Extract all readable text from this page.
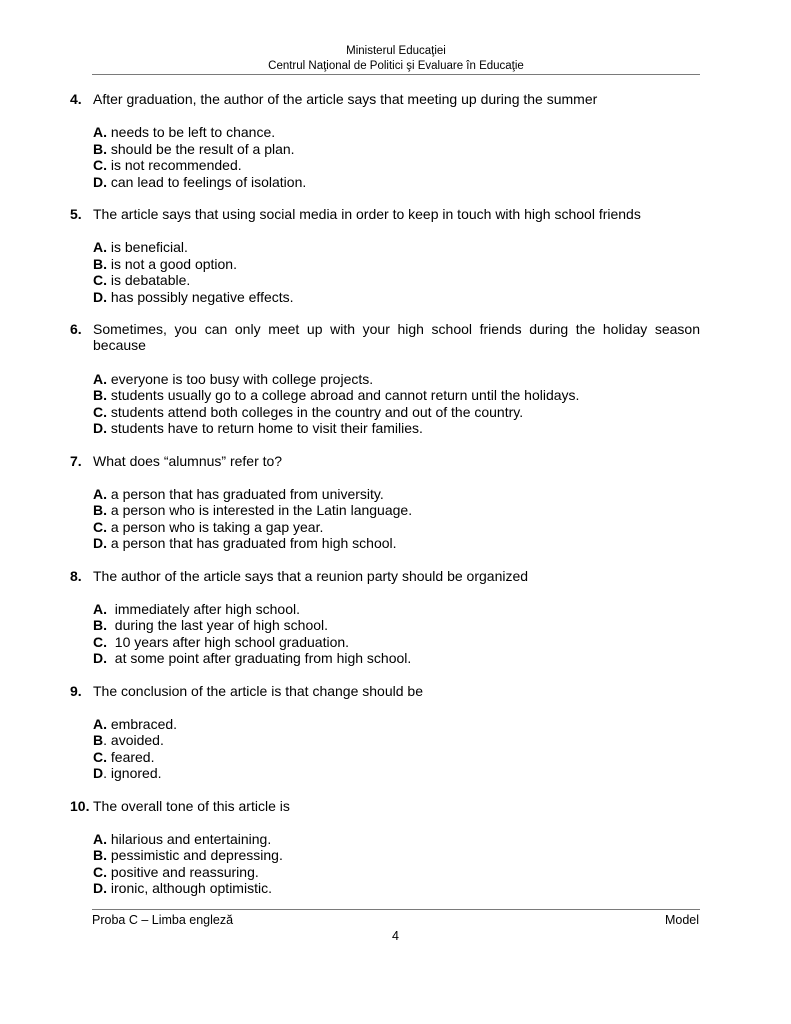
Ministerul Educaţiei
Centrul Naţional de Politici şi Evaluare în Educaţie
4. After graduation, the author of the article says that meeting up during the summer
A. needs to be left to chance.
B. should be the result of a plan.
C. is not recommended.
D. can lead to feelings of isolation.
5. The article says that using social media in order to keep in touch with high school friends
A. is beneficial.
B. is not a good option.
C. is debatable.
D. has possibly negative effects.
6. Sometimes, you can only meet up with your high school friends during the holiday season because
A. everyone is too busy with college projects.
B. students usually go to a college abroad and cannot return until the holidays.
C. students attend both colleges in the country and out of the country.
D. students have to return home to visit their families.
7. What does “alumnus” refer to?
A. a person that has graduated from university.
B. a person who is interested in the Latin language.
C. a person who is taking a gap year.
D. a person that has graduated from high school.
8. The author of the article says that a reunion party should be organized
A.  immediately after high school.
B.  during the last year of high school.
C.  10 years after high school graduation.
D.  at some point after graduating from high school.
9. The conclusion of the article is that change should be
A. embraced.
B. avoided.
C. feared.
D. ignored.
10. The overall tone of this article is
A. hilarious and entertaining.
B. pessimistic and depressing.
C. positive and reassuring.
D. ironic, although optimistic.
Proba C – Limba engleză	Model
4
